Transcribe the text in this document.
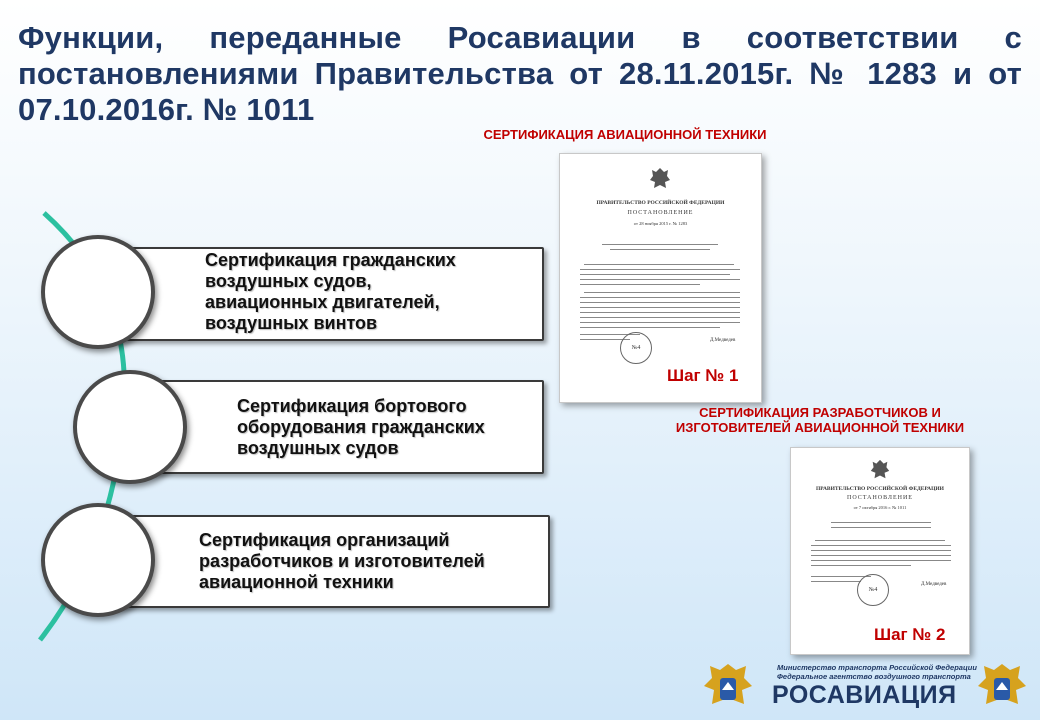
Функции, переданные Росавиации в соответствии с постановлениями Правительства от 28.11.2015г. № 1283 и от 07.10.2016г. № 1011
Сертификация гражданских
воздушных судов,
авиационных двигателей,
воздушных винтов
Сертификация бортового
оборудования гражданских
воздушных судов
Сертификация организаций
разработчиков и изготовителей
авиационной техники
СЕРТИФИКАЦИЯ АВИАЦИОННОЙ ТЕХНИКИ
ПРАВИТЕЛЬСТВО РОССИЙСКОЙ ФЕДЕРАЦИИ
ПОСТАНОВЛЕНИЕ
от 28 ноября 2015 г. № 1283
№4
Д.Медведев
Шаг № 1
СЕРТИФИКАЦИЯ РАЗРАБОТЧИКОВ И
ИЗГОТОВИТЕЛЕЙ АВИАЦИОННОЙ ТЕХНИКИ
ПРАВИТЕЛЬСТВО РОССИЙСКОЙ ФЕДЕРАЦИИ
ПОСТАНОВЛЕНИЕ
от 7 октября 2016 г. № 1011
№4
Д.Медведев
Шаг № 2
Министерство транспорта Российской Федерации
Федеральное агентство воздушного транспорта
РОСАВИАЦИЯ
